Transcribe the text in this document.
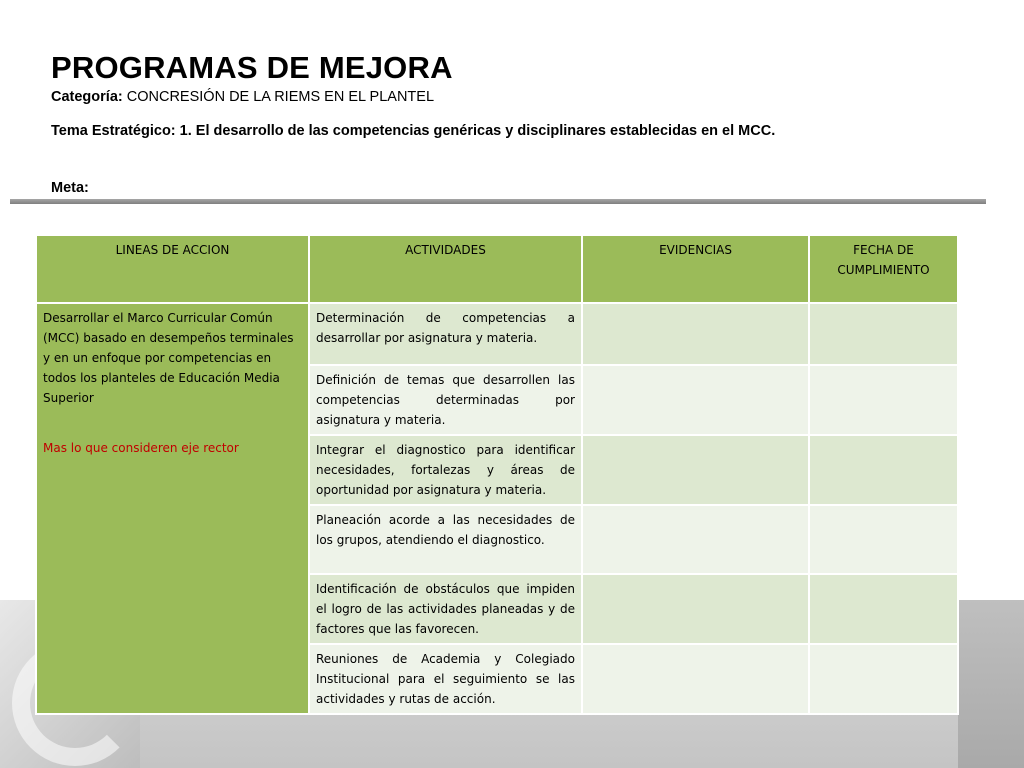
PROGRAMAS DE MEJORA
Categoría: CONCRESIÓN DE LA RIEMS EN EL PLANTEL
Tema Estratégico: 1. El desarrollo de las competencias genéricas y disciplinares establecidas en el MCC.
Meta:
LINEAS DE ACCION	ACTIVIDADES	EVIDENCIAS	FECHA DE CUMPLIMIENTO

Desarrollar el Marco Curricular Común (MCC) basado en desempeños terminales y en un enfoque por competencias en todos los planteles de Educación Media Superior
Mas lo que consideren eje rector	Determinación de competencias a desarrollar por asignatura y materia.		
	Definición de temas que desarrollen las competencias determinadas por asignatura y materia.		
	Integrar el diagnostico para identificar necesidades, fortalezas y áreas de oportunidad por asignatura y materia.		
	Planeación acorde a las necesidades de los grupos, atendiendo el diagnostico.		
	Identificación de obstáculos que impiden el logro de las actividades planeadas y de factores que las favorecen.		
	Reuniones de Academia y Colegiado Institucional para el seguimiento se las actividades y rutas de acción.		
